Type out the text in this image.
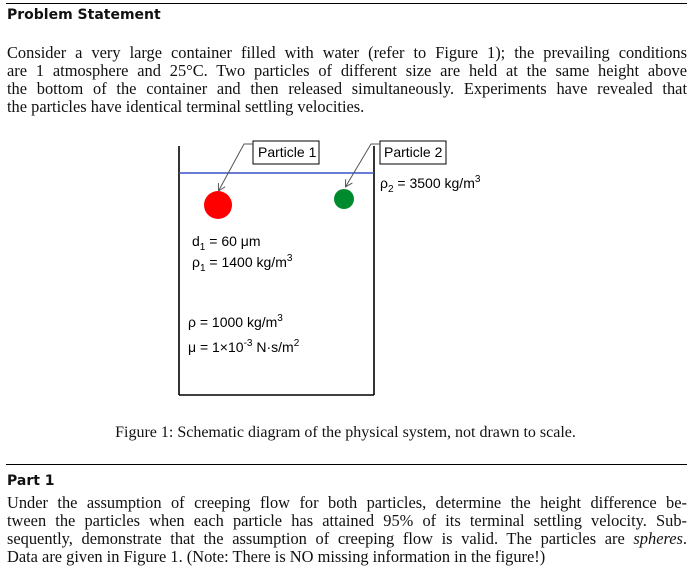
Problem Statement

Consider a very large container filled with water (refer to Figure 1); the prevailing conditions
are 1 atmosphere and 25°C. Two particles of different size are held at the same height above
the bottom of the container and then released simultaneously. Experiments have revealed that
the particles have identical terminal settling velocities.

Particle 1	Particle 2
$\rho_2 = 3500$ $kg/m^3$
$d_1 = 60$ μm
$\rho_1 = 1400$ $kg/m^3$
ρ = 1000 $kg/m^3$
$\mu = 1\times 10^{-3}$ $N\cdot s/m^2$
Figure 1: Schematic diagram of the physical system, not drawn to scale.
Part 1

Under the assumption of creeping flow for both particles, determine the height difference be-
tween the particles when each particle has attained 95% of its terminal settling velocity. Sub-
sequently, demonstrate that the assumption of creeping flow is valid. The particles are spheres.
Data are given in Figure 1. (Note: There is NO missing information in the figure!)
